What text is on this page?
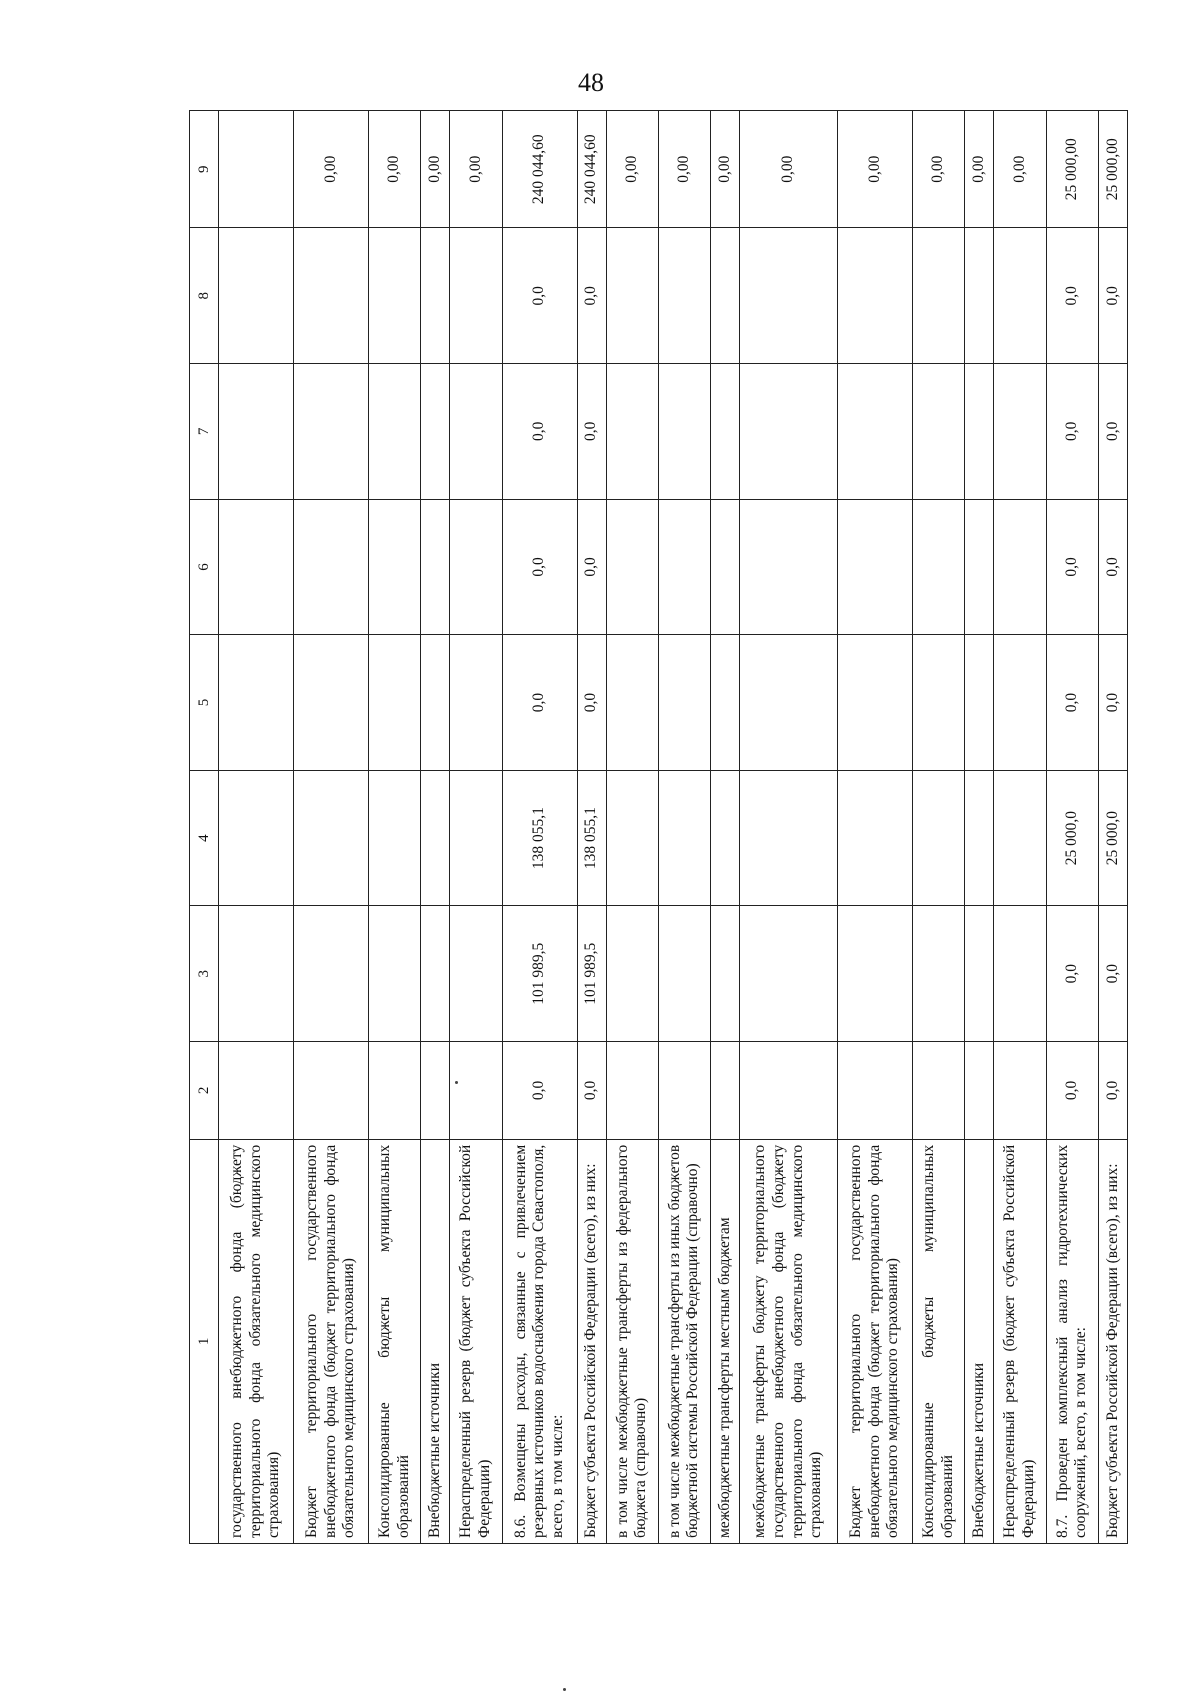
48
1	2	3	4	5	6	7	8	9
государственного внебюджетного фонда (бюджету территориального фонда обязательного медицинского страхования)								
Бюджет территориального государственного внебюджетного фонда (бюджет территориального фонда обязательного медицинского страхования)								0,00
Консолидированные бюджеты муниципальных образований								0,00
Внебюджетные источники								0,00
Нераспределенный резерв (бюджет субъекта Российской Федерации)								0,00
8.6. Возмещены расходы, связанные с привлечением резервных источников водоснабжения города Севастополя, всего, в том числе:	0,0	101 989,5	138 055,1	0,0	0,0	0,0	0,0	240 044,60
Бюджет субъекта Российской Федерации (всего), из них:	0,0	101 989,5	138 055,1	0,0	0,0	0,0	0,0	240 044,60
в том числе межбюджетные трансферты из федерального бюджета (справочно)								0,00
в том числе межбюджетные трансферты из иных бюджетов бюджетной системы Российской Федерации (справочно)								0,00
межбюджетные трансферты местным бюджетам								0,00
межбюджетные трансферты бюджету территориального государственного внебюджетного фонда (бюджету территориального фонда обязательного медицинского страхования)								0,00
Бюджет территориального государственного внебюджетного фонда (бюджет территориального фонда обязательного медицинского страхования)								0,00
Консолидированные бюджеты муниципальных образований								0,00
Внебюджетные источники								0,00
Нераспределенный резерв (бюджет субъекта Российской Федерации)								0,00
8.7. Проведен комплексный анализ гидротехнических сооружений, всего, в том числе:	0,0	0,0	25 000,0	0,0	0,0	0,0	0,0	25 000,00
Бюджет субъекта Российской Федерации (всего), из них:	0,0	0,0	25 000,0	0,0	0,0	0,0	0,0	25 000,00
